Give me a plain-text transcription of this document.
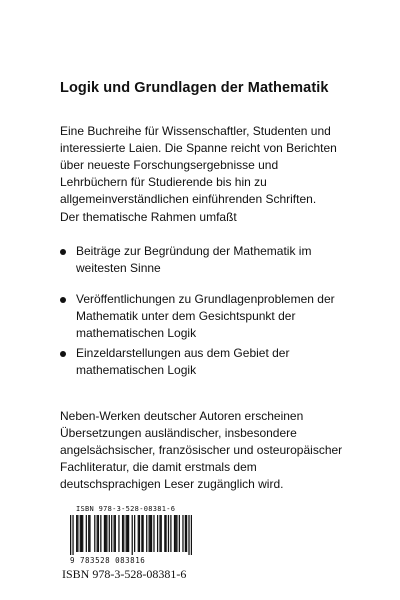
Logik und Grundlagen der Mathematik
Eine Buchreihe für Wissenschaftler, Studenten und
interessierte Laien. Die Spanne reicht von Berichten
über neueste Forschungsergebnisse und
Lehrbüchern für Studierende bis hin zu
allgemeinverständlichen einführenden Schriften.
Der thematische Rahmen umfaßt
Beiträge zur Begründung der Mathematik im
weitesten Sinne
Veröffentlichungen zu Grundlagenproblemen der
Mathematik unter dem Gesichtspunkt der
mathematischen Logik
Einzeldarstellungen aus dem Gebiet der
mathematischen Logik
Neben-Werken deutscher Autoren erscheinen
Übersetzungen ausländischer, insbesondere
angelsächsischer, französischer und osteuropäischer
Fachliteratur, die damit erstmals dem
deutschsprachigen Leser zugänglich wird.
ISBN 978-3-528-08381-6
9 783528 083816
ISBN 978-3-528-08381-6
